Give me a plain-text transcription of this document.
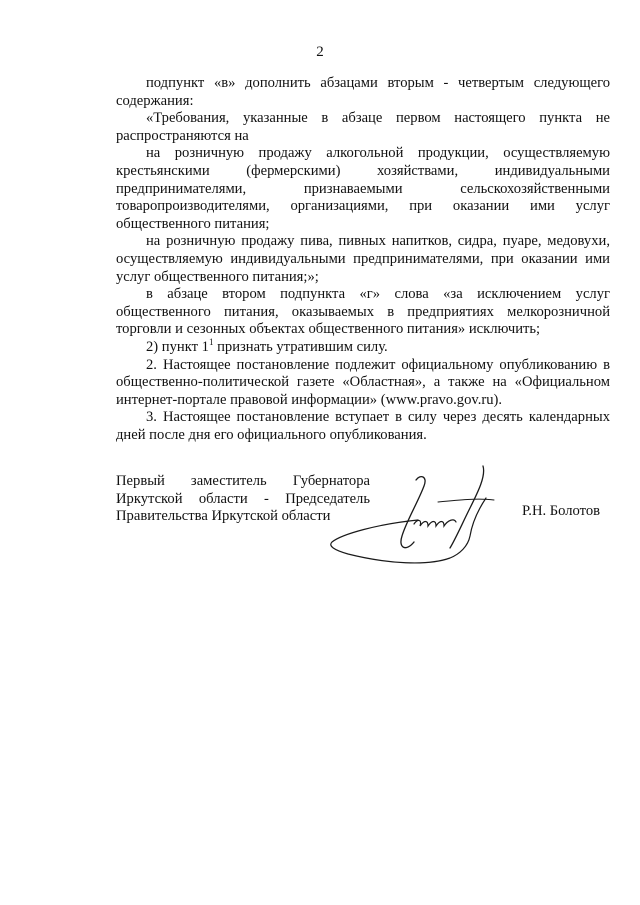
2

подпункт «в» дополнить абзацами вторым - четвертым следующего содержания:

«Требования, указанные в абзаце первом настоящего пункта не распространяются на

на розничную продажу алкогольной продукции, осуществляемую крестьянскими (фермерскими) хозяйствами, индивидуальными предпринимателями, признаваемыми сельскохозяйственными товаропроизводителями, организациями, при оказании ими услуг общественного питания;

на розничную продажу пива, пивных напитков, сидра, пуаре, медовухи, осуществляемую индивидуальными предпринимателями, при оказании ими услуг общественного питания;»;

в абзаце втором подпункта «г» слова «за исключением услуг общественного питания, оказываемых в предприятиях мелкорозничной торговли и сезонных объектах общественного питания» исключить;

2) пункт $1^1$ признать утратившим силу.

2. Настоящее постановление подлежит официальному опубликованию в общественно-политической газете «Областная», а также на «Официальном интернет-портале правовой информации» (www.pravo.gov.ru).

3. Настоящее постановление вступает в силу через десять календарных дней после дня его официального опубликования.

Первый заместитель Губернатора
Иркутской области - Председатель
Правительства Иркутской области	Р.Н. Болотов
